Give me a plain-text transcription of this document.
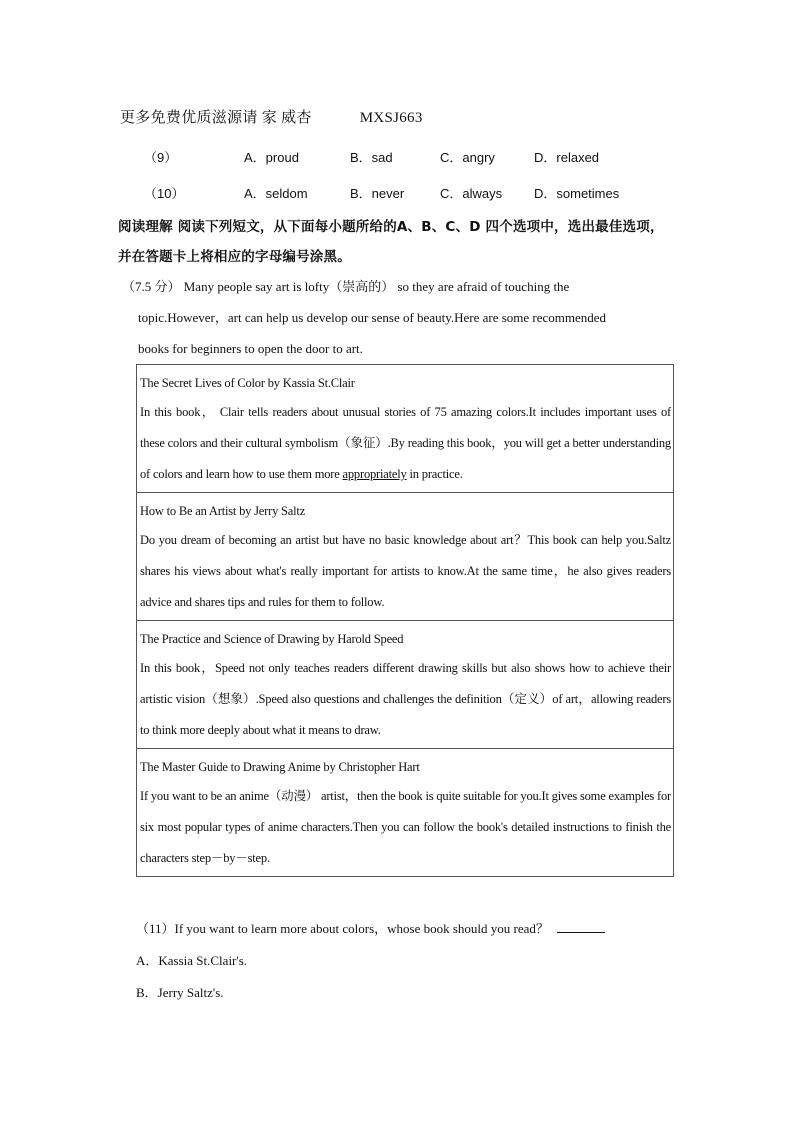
更多免费优质滋源请 家 威杏	MXSJ663
（9）	A．proud	B．sad	C．angry	D．relaxed
（10）	A．seldom	B．never	C．always D．sometimes
阅读理解 阅读下列短文，从下面每小题所给的A、B、C、D 四个选项中，选出最佳选项，
并在答题卡上将相应的字母编号涂黑。
（7.5 分） Many people say art is lofty（崇高的） so they are afraid of touching the
topic.However，art can help us develop our sense of beauty.Here are some recommended
books for beginners to open the door to art.
The Secret Lives of Color by Kassia St.Clair
In this book， Clair tells readers about unusual stories of 75 amazing colors.It includes important uses of these colors and their cultural symbolism（象征）.By reading this book，you will get a better understanding of colors and learn how to use them more appropriately in practice.
How to Be an Artist by Jerry Saltz
Do you dream of becoming an artist but have no basic knowledge about art？This book can help you.Saltz shares his views about what's really important for artists to know.At the same time，he also gives readers advice and shares tips and rules for them to follow.
The Practice and Science of Drawing by Harold Speed
In this book，Speed not only teaches readers different drawing skills but also shows how to achieve their artistic vision（想象）.Speed also questions and challenges the definition（定义）of art，allowing readers to think more deeply about what it means to draw.
The Master Guide to Drawing Anime by Christopher Hart
If you want to be an anime（动漫） artist，then the book is quite suitable for you.It gives some examples for six most popular types of anime characters.Then you can follow the book's detailed instructions to finish the characters step－by－step.
（11）If you want to learn more about colors，whose book should you read？
A．Kassia St.Clair's.
B．Jerry Saltz's.
